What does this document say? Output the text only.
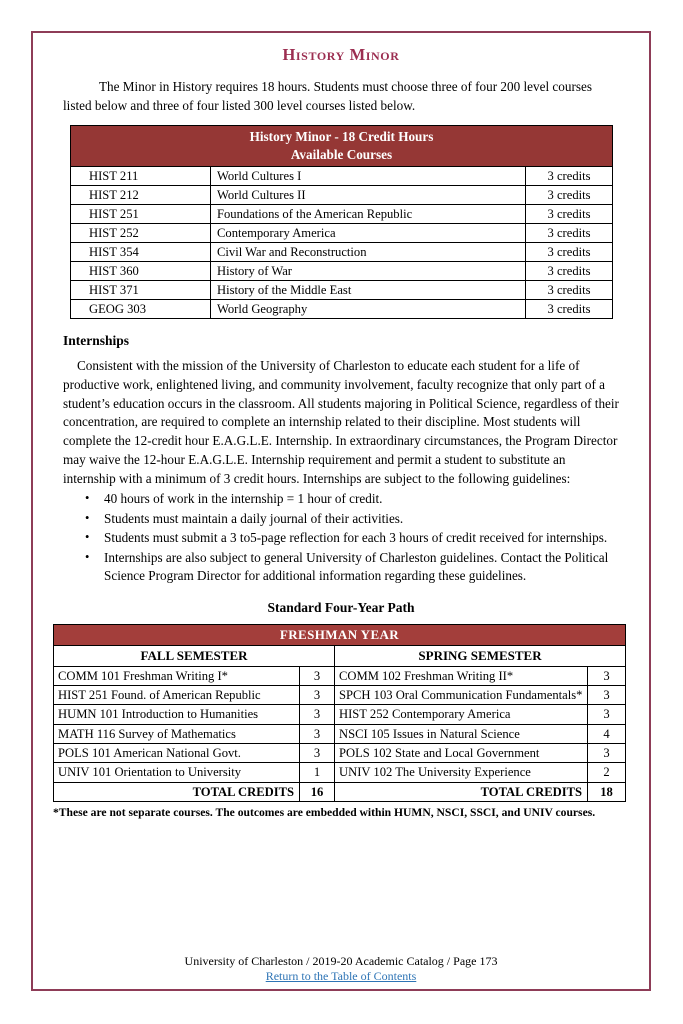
History Minor

The Minor in History requires 18 hours. Students must choose three of four 200 level courses listed below and three of four listed 300 level courses listed below.

History Minor - 18 Credit Hours
Available Courses		

HIST 211	World Cultures I	3 credits
HIST 212	World Cultures II	3 credits
HIST 251	Foundations of the American Republic	3 credits
HIST 252	Contemporary America	3 credits
HIST 354	Civil War and Reconstruction	3 credits
HIST 360	History of War	3 credits
HIST 371	History of the Middle East	3 credits
GEOG 303	World Geography	3 credits
Internships

Consistent with the mission of the University of Charleston to educate each student for a life of productive work, enlightened living, and community involvement, faculty recognize that only part of a student’s education occurs in the classroom. All students majoring in Political Science, regardless of their concentration, are required to complete an internship related to their discipline. Most students will complete the 12-credit hour E.A.G.L.E. Internship. In extraordinary circumstances, the Program Director may waive the 12-hour E.A.G.L.E. Internship requirement and permit a student to substitute an internship with a minimum of 3 credit hours. Internships are subject to the following guidelines:

• 40 hours of work in the internship = 1 hour of credit.
• Students must maintain a daily journal of their activities.
• Students must submit a 3 to5-page reflection for each 3 hours of credit received for internships.
• Internships are also subject to general University of Charleston guidelines. Contact the Political Science Program Director for additional information regarding these guidelines.
Standard Four-Year Path
FRESHMAN YEAR			
FALL SEMESTER		SPRING SEMESTER	
COMM 101 Freshman Writing I*	3	COMM 102 Freshman Writing II*	3
HIST 251 Found. of American Republic	3	SPCH 103 Oral Communication Fundamentals*	3
HUMN 101 Introduction to Humanities	3	HIST 252 Contemporary America	3
MATH 116 Survey of Mathematics	3	NSCI 105 Issues in Natural Science	4
POLS 101 American National Govt.	3	POLS 102 State and Local Government	3
UNIV 101 Orientation to University	1	UNIV 102 The University Experience	2
TOTAL CREDITS	16	TOTAL CREDITS	18

*These are not separate courses. The outcomes are embedded within HUMN, NSCI, SSCI, and UNIV courses.

University of Charleston / 2019-20 Academic Catalog / Page 173
Return to the Table of Contents
